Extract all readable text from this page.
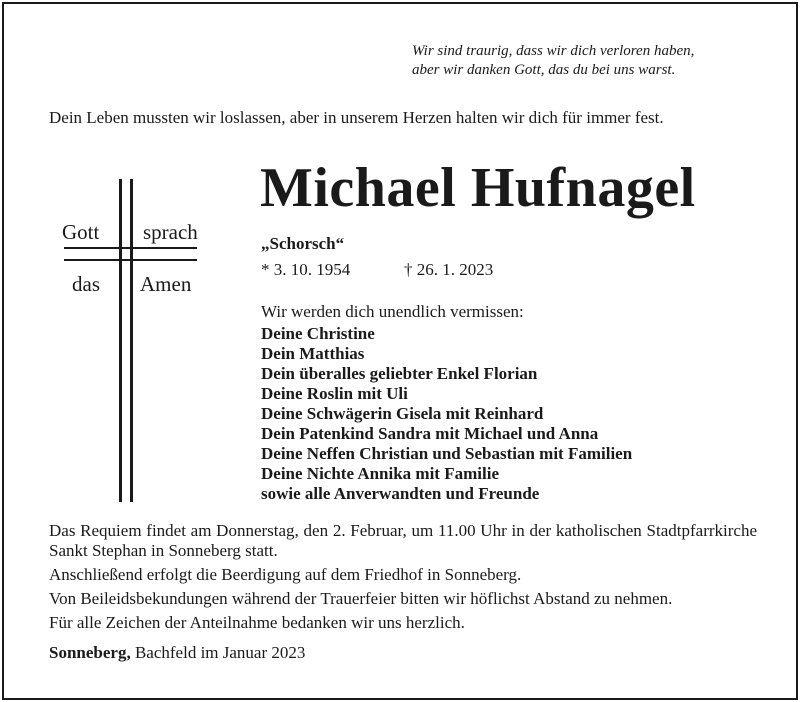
Wir sind traurig, dass wir dich verloren haben,
aber wir danken Gott, das du bei uns warst.
Dein Leben mussten wir loslassen, aber in unserem Herzen halten wir dich für immer fest.
Gott sprach
das Amen
Michael Hufnagel
„Schorsch“
* 3. 10. 1954	† 26. 1. 2023
Wir werden dich unendlich vermissen:
Deine Christine
Dein Matthias
Dein überalles geliebter Enkel Florian
Deine Roslin mit Uli
Deine Schwägerin Gisela mit Reinhard
Dein Patenkind Sandra mit Michael und Anna
Deine Neffen Christian und Sebastian mit Familien
Deine Nichte Annika mit Familie
sowie alle Anverwandten und Freunde

Das Requiem findet am Donnerstag, den 2. Februar, um 11.00 Uhr in der katholischen Stadtpfarrkirche Sankt Stephan in Sonneberg statt.

Anschließend erfolgt die Beerdigung auf dem Friedhof in Sonneberg.

Von Beileidsbekundungen während der Trauerfeier bitten wir höflichst Abstand zu nehmen.

Für alle Zeichen der Anteilnahme bedanken wir uns herzlich.

Sonneberg, Bachfeld im Januar 2023
